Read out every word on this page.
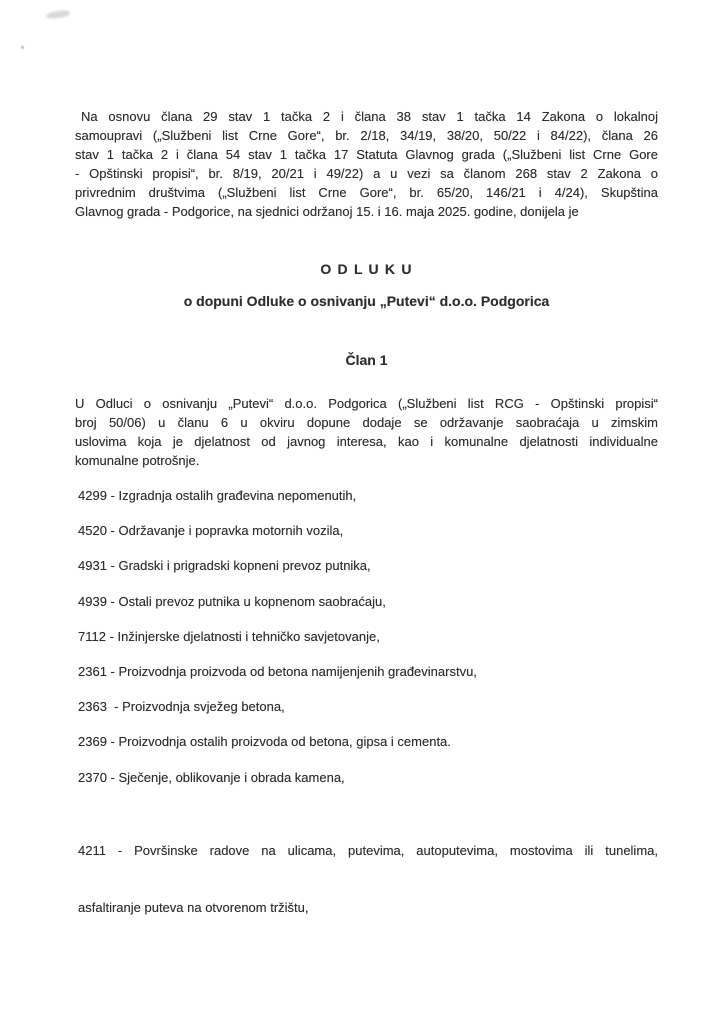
Na osnovu člana 29 stav 1 tačka 2 i člana 38 stav 1 tačka 14 Zakona o lokalnoj
samoupravi („Službeni list Crne Gore“, br. 2/18, 34/19, 38/20, 50/22 i 84/22), člana 26
stav 1 tačka 2 i člana 54 stav 1 tačka 17 Statuta Glavnog grada („Službeni list Crne Gore
- Opštinski propisi“, br. 8/19, 20/21 i 49/22) a u vezi sa članom 268 stav 2 Zakona o
privrednim društvima („Službeni list Crne Gore“, br. 65/20, 146/21 i 4/24), Skupština
Glavnog grada - Podgorice, na sjednici održanoj 15. i 16. maja 2025. godine, donijela je
O D L U K U
o dopuni Odluke o osnivanju „Putevi“ d.o.o. Podgorica
Član 1
U Odluci o osnivanju „Putevi“ d.o.o. Podgorica („Službeni list RCG - Opštinski propisi“
broj 50/06) u članu 6 u okviru dopune dodaje se održavanje saobraćaja u zimskim
uslovima koja je djelatnost od javnog interesa, kao i komunalne djelatnosti individualne
komunalne potrošnje.
4299 - Izgradnja ostalih građevina nepomenutih,
4520 - Održavanje i popravka motornih vozila,
4931 - Gradski i prigradski kopneni prevoz putnika,
4939 - Ostali prevoz putnika u kopnenom saobraćaju,
7112 - Inžinjerske djelatnosti i tehničko savjetovanje,
2361 - Proizvodnja proizvoda od betona namijenjenih građevinarstvu,
2363  - Proizvodnja svježeg betona,
2369 - Proizvodnja ostalih proizvoda od betona, gipsa i cementa.
2370 - Sječenje, oblikovanje i obrada kamena,

4211 - Površinske radove na ulicama, putevima, autoputevima, mostovima ili tunelima,

asfaltiranje puteva na otvorenom tržištu,
